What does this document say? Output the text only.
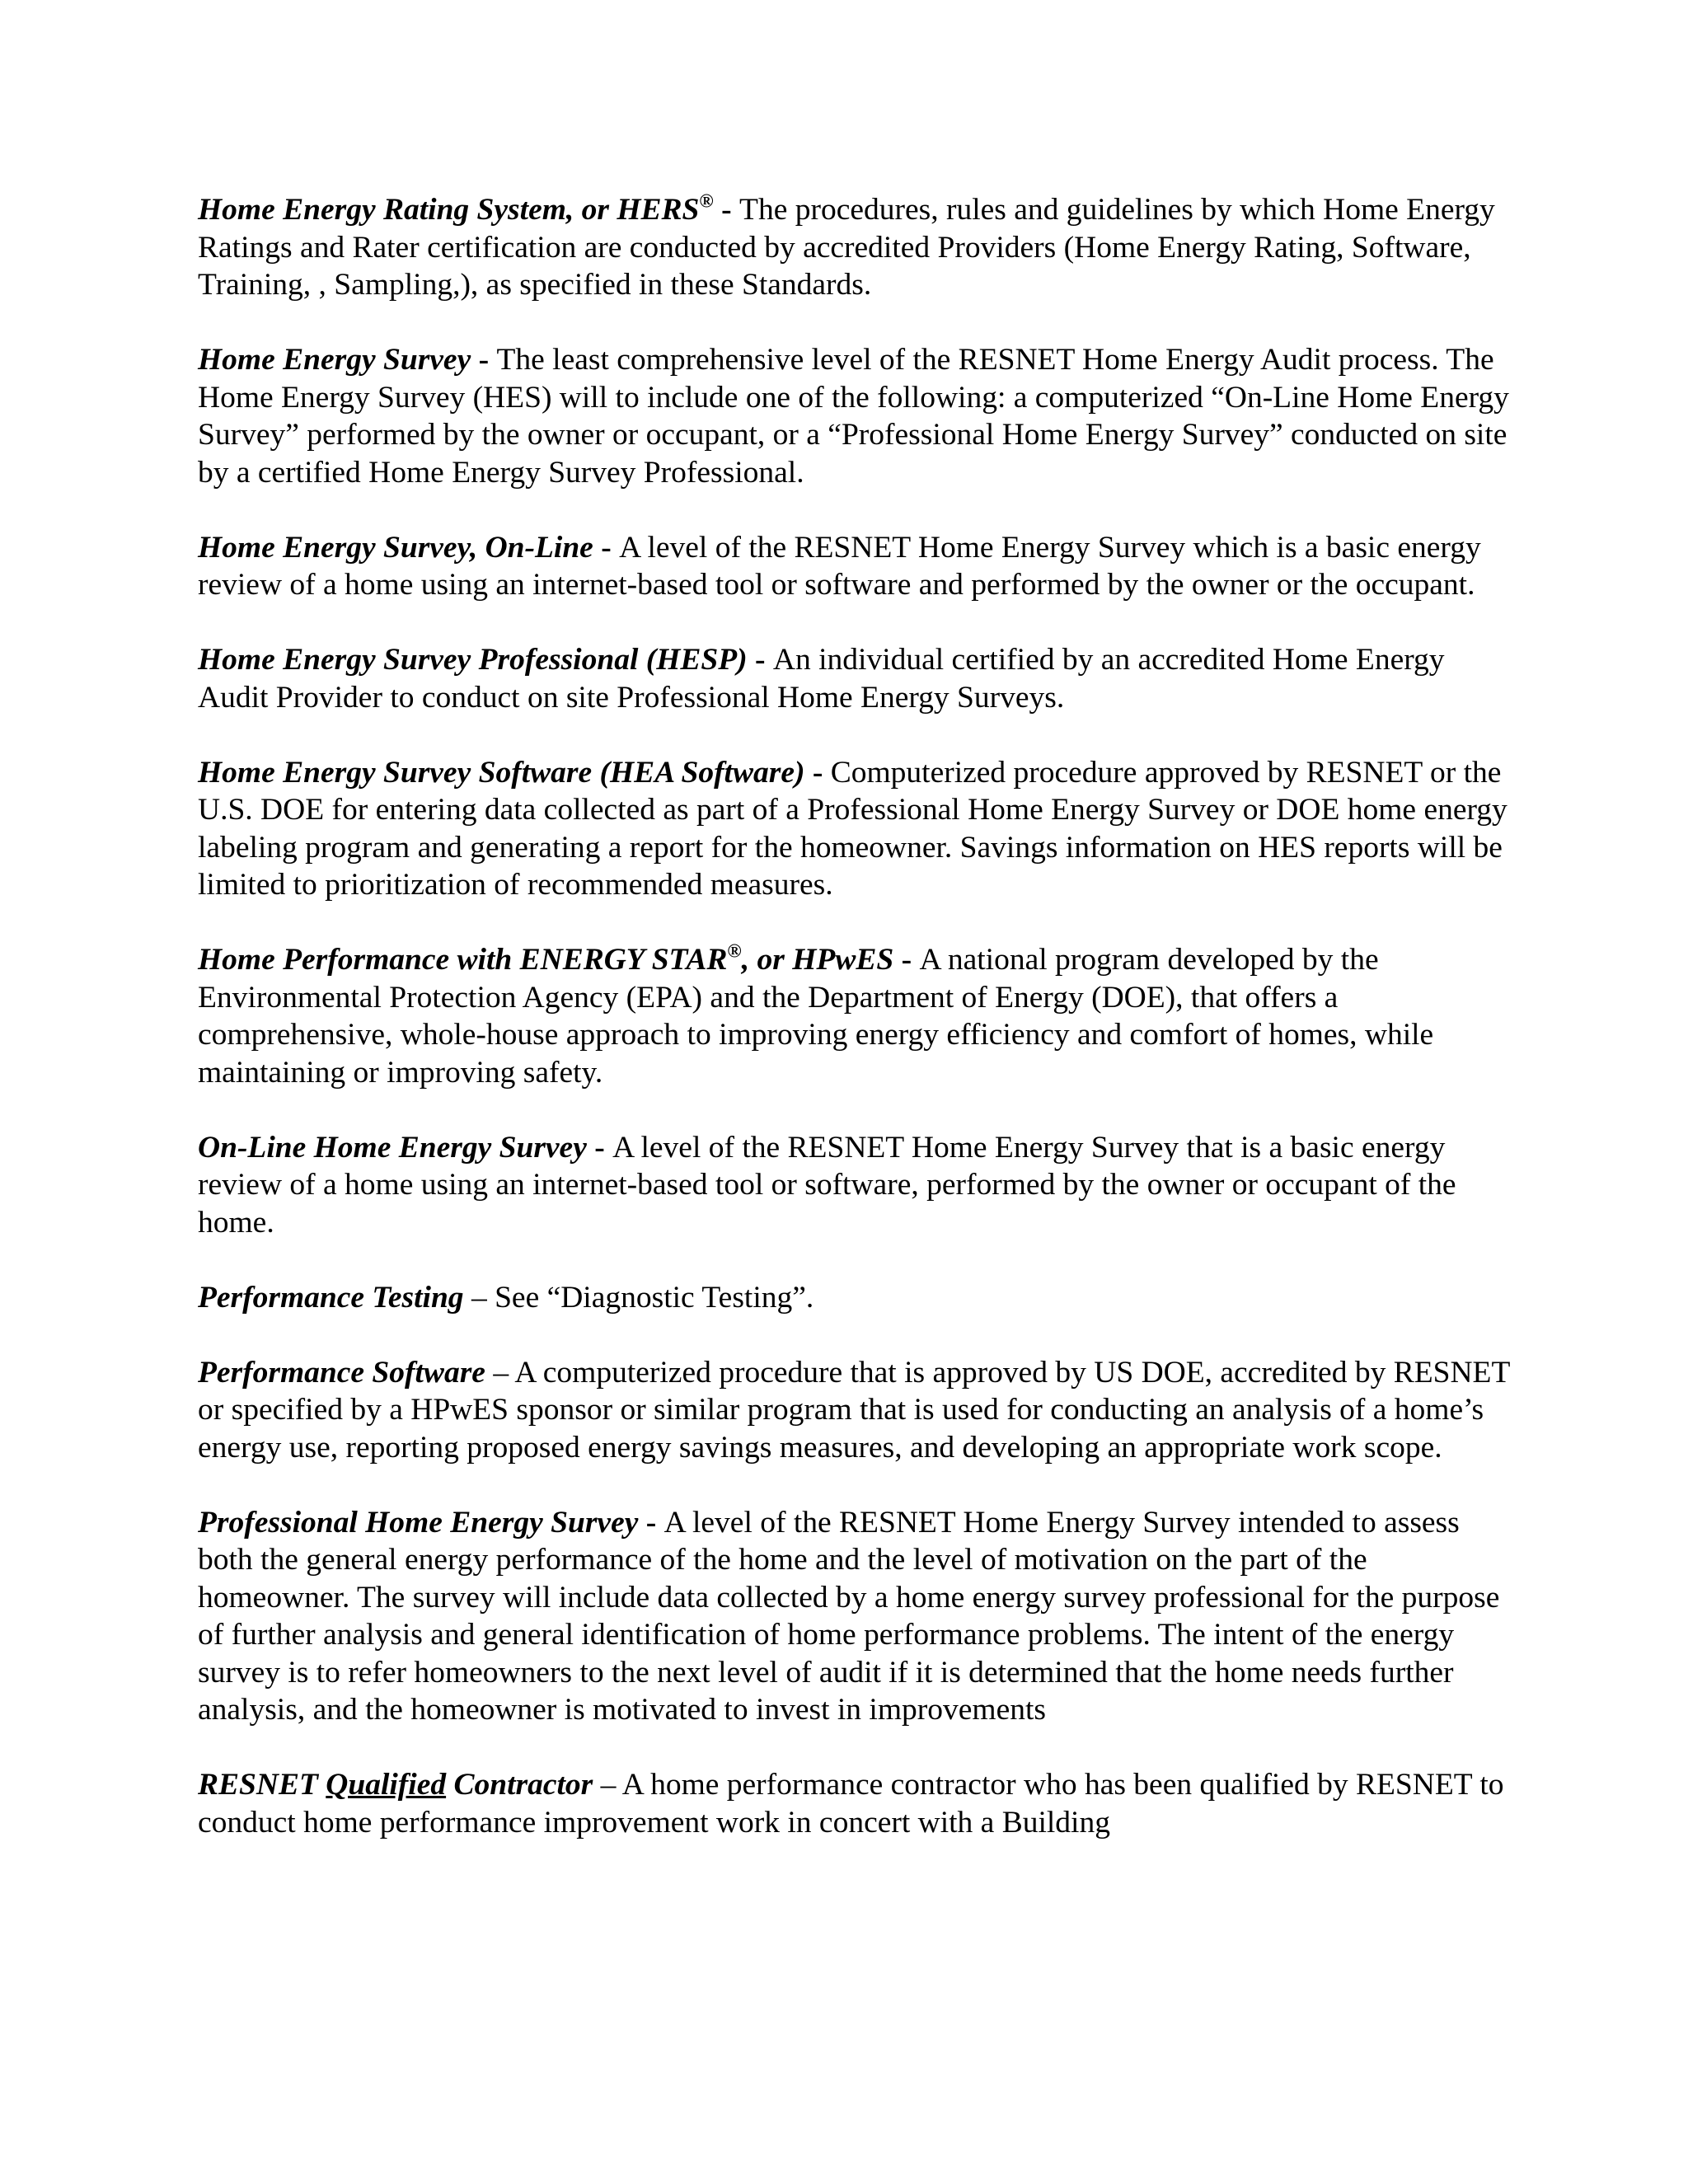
Home Energy Rating System, or HERS® - The procedures, rules and guidelines by which Home Energy Ratings and Rater certification are conducted by accredited Providers (Home Energy Rating, Software, Training, , Sampling,), as specified in these Standards.

Home Energy Survey - The least comprehensive level of the RESNET Home Energy Audit process. The Home Energy Survey (HES) will to include one of the following: a computerized “On-Line Home Energy Survey” performed by the owner or occupant, or a “Professional Home Energy Survey” conducted on site by a certified Home Energy Survey Professional.

Home Energy Survey, On-Line - A level of the RESNET Home Energy Survey which is a basic energy review of a home using an internet-based tool or software and performed by the owner or the occupant.

Home Energy Survey Professional (HESP) - An individual certified by an accredited Home Energy Audit Provider to conduct on site Professional Home Energy Surveys.

Home Energy Survey Software (HEA Software) - Computerized procedure approved by RESNET or the U.S. DOE for entering data collected as part of a Professional Home Energy Survey or DOE home energy labeling program and generating a report for the homeowner. Savings information on HES reports will be limited to prioritization of recommended measures.

Home Performance with ENERGY STAR®, or HPwES - A national program developed by the Environmental Protection Agency (EPA) and the Department of Energy (DOE), that offers a comprehensive, whole-house approach to improving energy efficiency and comfort of homes, while maintaining or improving safety.

On-Line Home Energy Survey - A level of the RESNET Home Energy Survey that is a basic energy review of a home using an internet-based tool or software, performed by the owner or occupant of the home.

Performance Testing – See “Diagnostic Testing”.

Performance Software – A computerized procedure that is approved by US DOE, accredited by RESNET or specified by a HPwES sponsor or similar program that is used for conducting an analysis of a home’s energy use, reporting proposed energy savings measures, and developing an appropriate work scope.

Professional Home Energy Survey - A level of the RESNET Home Energy Survey intended to assess both the general energy performance of the home and the level of motivation on the part of the homeowner. The survey will include data collected by a home energy survey professional for the purpose of further analysis and general identification of home performance problems. The intent of the energy survey is to refer homeowners to the next level of audit if it is determined that the home needs further analysis, and the homeowner is motivated to invest in improvements

RESNET Qualified Contractor – A home performance contractor who has been qualified by RESNET to conduct home performance improvement work in concert with a Building
